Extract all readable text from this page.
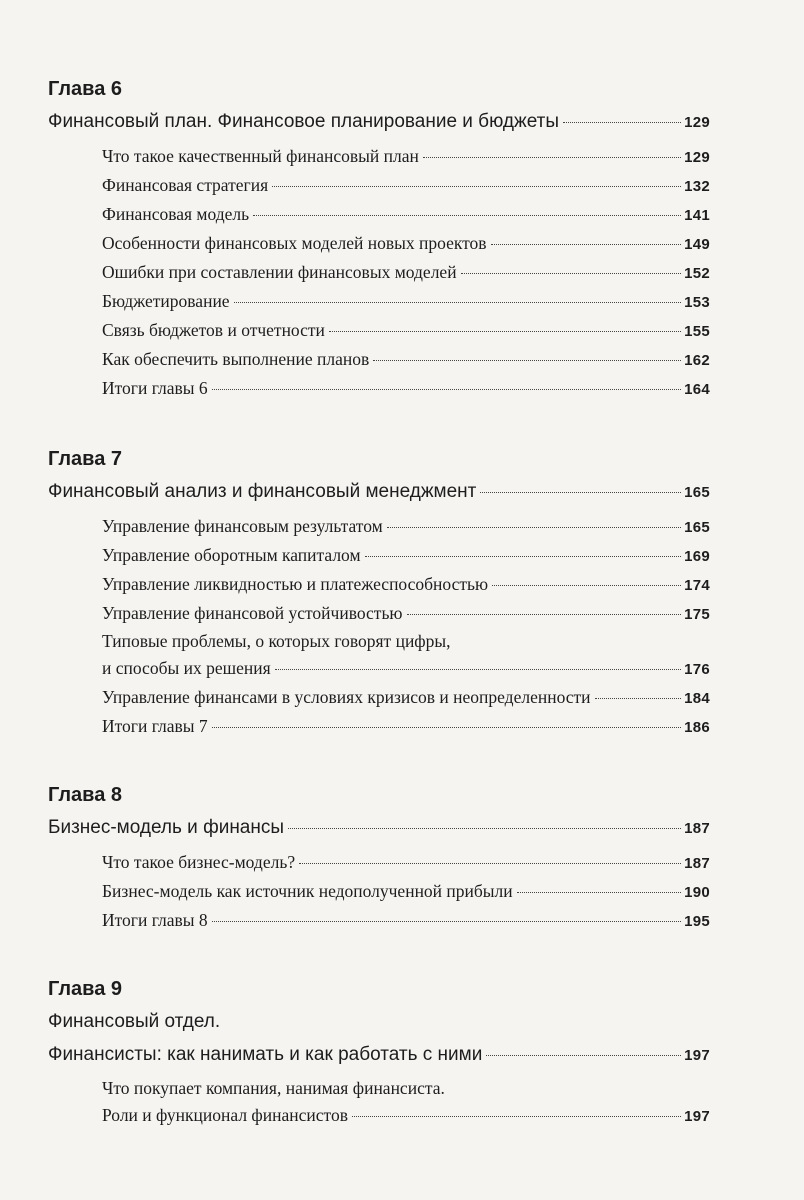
Глава 6
Финансовый план. Финансовое планирование и бюджеты	129
Что такое качественный финансовый план	129
Финансовая стратегия	132
Финансовая модель	141
Особенности финансовых моделей новых проектов	149
Ошибки при составлении финансовых моделей	152
Бюджетирование	153
Связь бюджетов и отчетности	155
Как обеспечить выполнение планов	162
Итоги главы 6	164
Глава 7
Финансовый анализ и финансовый менеджмент	165
Управление финансовым результатом	165
Управление оборотным капиталом	169
Управление ликвидностью и платежеспособностью	174
Управление финансовой устойчивостью	175
Типовые проблемы, о которых говорят цифры,
и способы их решения	176
Управление финансами в условиях кризисов и неопределенности	184
Итоги главы 7	186
Глава 8
Бизнес-модель и финансы	187
Что такое бизнес-модель?	187
Бизнес-модель как источник недополученной прибыли	190
Итоги главы 8	195
Глава 9
Финансовый отдел.
Финансисты: как нанимать и как работать с ними	197
Что покупает компания, нанимая финансиста.
Роли и функционал финансистов	197
